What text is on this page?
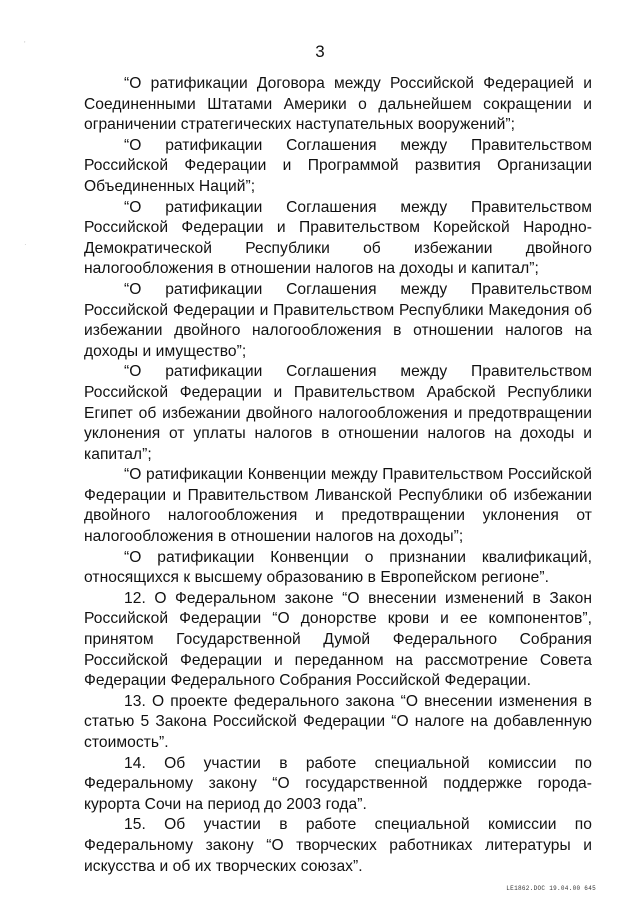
'
·
3

“О ратификации Договора между Российской Федерацией и Соединенными Штатами Америки о дальнейшем сокращении и ограничении стратегических наступательных вооружений”;

“О ратификации Соглашения между Правительством Российской Федерации и Программой развития Организации Объединенных Наций”;

“О ратификации Соглашения между Правительством Российской Федерации и Правительством Корейской Народно-Демократической Республики об избежании двойного налогообложения в отношении налогов на доходы и капитал”;

“О ратификации Соглашения между Правительством Российской Федерации и Правительством Республики Македония об избежании двойного налогообложения в отношении налогов на доходы и имущество”;

“О ратификации Соглашения между Правительством Российской Федерации и Правительством Арабской Республики Египет об избежании двойного налогообложения и предотвращении уклонения от уплаты налогов в отношении налогов на доходы и капитал”;

“О ратификации Конвенции между Правительством Российской Федерации и Правительством Ливанской Республики об избежании двойного налогообложения и предотвращении уклонения от налогообложения в отношении налогов на доходы”;

“О ратификации Конвенции о признании квалификаций, относящихся к высшему образованию в Европейском регионе”.

12. О Федеральном законе “О внесении изменений в Закон Российской Федерации “О донорстве крови и ее компонентов”, принятом Государственной Думой Федерального Собрания Российской Федерации и переданном на рассмотрение Совета Федерации Федерального Собрания Российской Федерации.

13. О проекте федерального закона “О внесении изменения в статью 5 Закона Российской Федерации “О налоге на добавленную стоимость”.

14. Об участии в работе специальной комиссии по Федеральному закону “О государственной поддержке города-курорта Сочи на период до 2003 года”.

15. Об участии в работе специальной комиссии по Федеральному закону “О творческих работниках литературы и искусства и об их творческих союзах”.

LE1862.DOC 19.04.00 645
